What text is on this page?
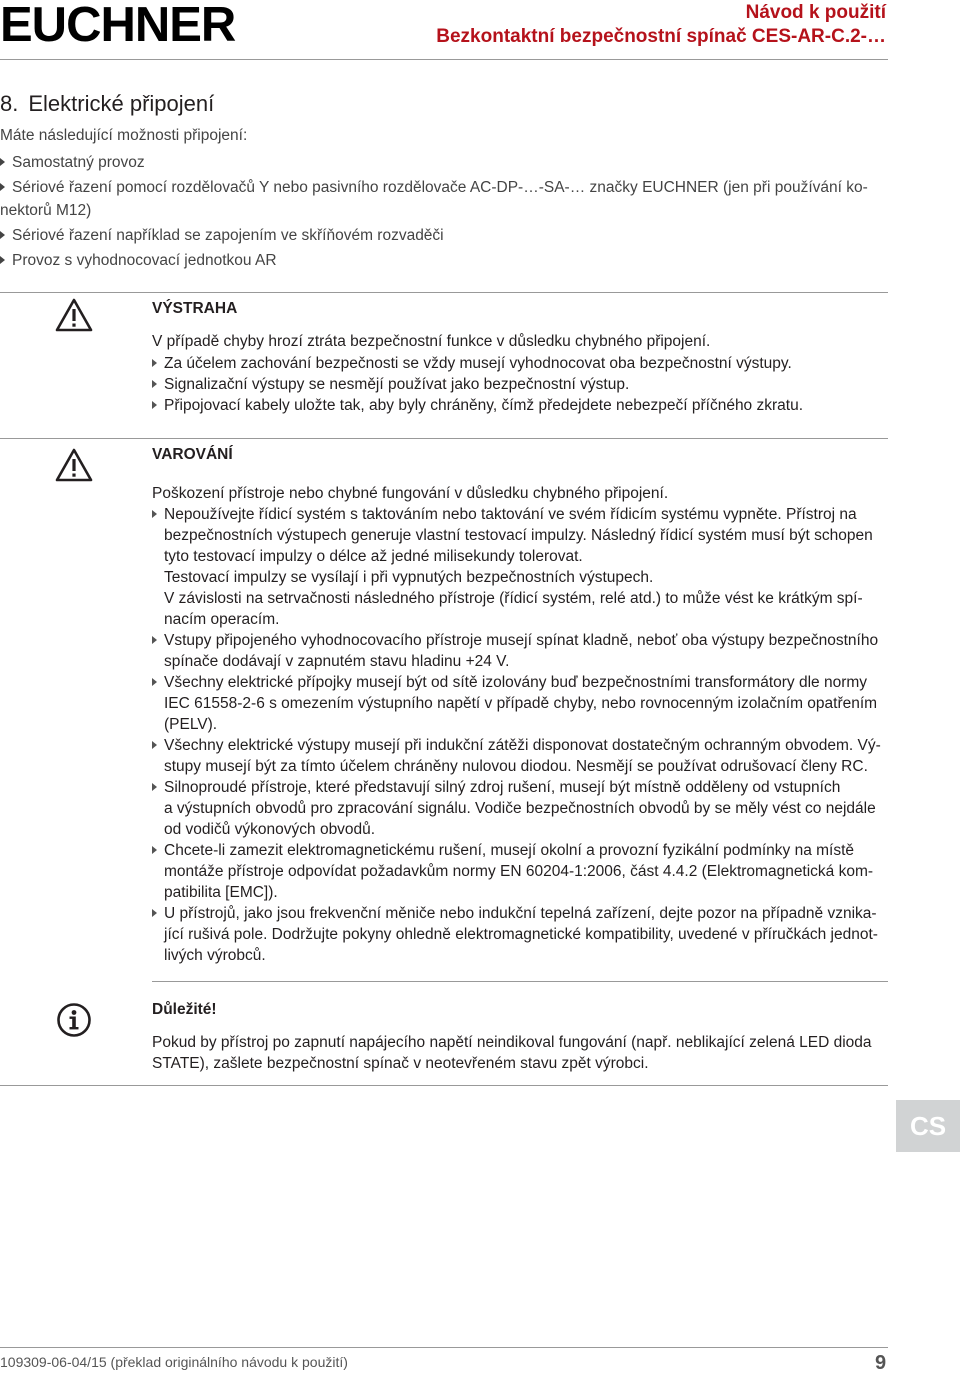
EUCHNER	Návod k použití
Bezkontaktní bezpečnostní spínač CES-AR-C.2-…
8. Elektrické připojení
Máte následující možnosti připojení:
Samostatný provoz
Sériové řazení pomocí rozdělovačů Y nebo pasivního rozdělovače AC-DP-…-SA-… značky EUCHNER (jen při používání ko-nektorů M12)
Sériové řazení například se zapojením ve skříňovém rozvaděči
Provoz s vyhodnocovací jednotkou AR
VÝSTRAHA

V případě chyby hrozí ztráta bezpečnostní funkce v důsledku chybného připojení.

Za účelem zachování bezpečnosti se vždy musejí vyhodnocovat oba bezpečnostní výstupy.
Signalizační výstupy se nesmějí používat jako bezpečnostní výstup.
Připojovací kabely uložte tak, aby byly chráněny, čímž předejdete nebezpečí příčného zkratu.
VAROVÁNÍ

Poškození přístroje nebo chybné fungování v důsledku chybného připojení.

Nepoužívejte řídicí systém s taktováním nebo taktování ve svém řídicím systému vypněte. Přístroj na
bezpečnostních výstupech generuje vlastní testovací impulzy. Následný řídicí systém musí být schopen
tyto testovací impulzy o délce až jedné milisekundy tolerovat.
Testovací impulzy se vysílají i při vypnutých bezpečnostních výstupech.
V závislosti na setrvačnosti následného přístroje (řídicí systém, relé atd.) to může vést ke krátkým spí-
nacím operacím.
Vstupy připojeného vyhodnocovacího přístroje musejí spínat kladně, neboť oba výstupy bezpečnostního
spínače dodávají v zapnutém stavu hladinu +24 V.
Všechny elektrické přípojky musejí být od sítě izolovány buď bezpečnostními transformátory dle normy
IEC 61558-2-6 s omezením výstupního napětí v případě chyby, nebo rovnocenným izolačním opatřením
(PELV).
Všechny elektrické výstupy musejí při indukční zátěži disponovat dostatečným ochranným obvodem. Vý-
stupy musejí být za tímto účelem chráněny nulovou diodou. Nesmějí se používat odrušovací členy RC.
Silnoproudé přístroje, které představují silný zdroj rušení, musejí být místně odděleny od vstupních
a výstupních obvodů pro zpracování signálu. Vodiče bezpečnostních obvodů by se měly vést co nejdále
od vodičů výkonových obvodů.
Chcete-li zamezit elektromagnetickému rušení, musejí okolní a provozní fyzikální podmínky na místě
montáže přístroje odpovídat požadavkům normy EN 60204-1:2006, část 4.4.2 (Elektromagnetická kom-
patibilita [EMC]).
U přístrojů, jako jsou frekvenční měniče nebo indukční tepelná zařízení, dejte pozor na případně vznika-
jící rušivá pole. Dodržujte pokyny ohledně elektromagnetické kompatibility, uvedené v příručkách jednot-
livých výrobců.
Důležité!
Pokud by přístroj po zapnutí napájecího napětí neindikoval fungování (např. neblikající zelená LED dioda
STATE), zašlete bezpečnostní spínač v neotevřeném stavu zpět výrobci.
CS
109309-06-04/15 (překlad originálního návodu k použití)	9
